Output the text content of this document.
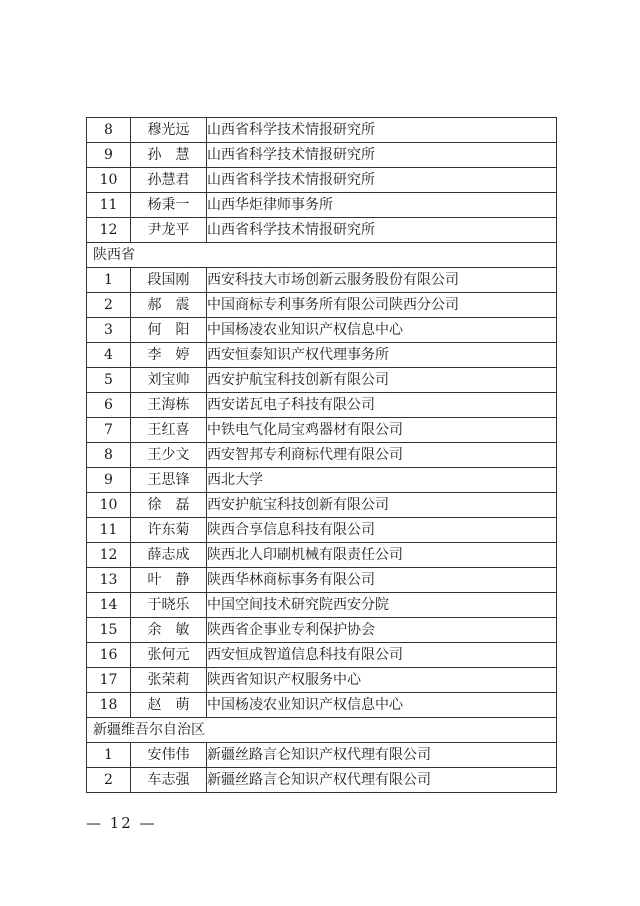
8	穆光远	山西省科学技术情报研究所
9	孙　慧	山西省科学技术情报研究所
10	孙慧君	山西省科学技术情报研究所
11	杨秉一	山西华炬律师事务所
12	尹龙平	山西省科学技术情报研究所
陕西省		
1	段国刚	西安科技大市场创新云服务股份有限公司
2	郝　震	中国商标专利事务所有限公司陕西分公司
3	何　阳	中国杨凌农业知识产权信息中心
4	李　婷	西安恒泰知识产权代理事务所
5	刘宝帅	西安护航宝科技创新有限公司
6	王海栋	西安诺瓦电子科技有限公司
7	王红喜	中铁电气化局宝鸡器材有限公司
8	王少文	西安智邦专利商标代理有限公司
9	王思锋	西北大学
10	徐　磊	西安护航宝科技创新有限公司
11	许东菊	陕西合享信息科技有限公司
12	薛志成	陕西北人印刷机械有限责任公司
13	叶　静	陕西华林商标事务有限公司
14	于晓乐	中国空间技术研究院西安分院
15	余　敏	陕西省企事业专利保护协会
16	张何元	西安恒成智道信息科技有限公司
17	张荣莉	陕西省知识产权服务中心
18	赵　萌	中国杨凌农业知识产权信息中心
新疆维吾尔自治区		
1	安伟伟	新疆丝路言仑知识产权代理有限公司
2	车志强	新疆丝路言仑知识产权代理有限公司
— 12 —
